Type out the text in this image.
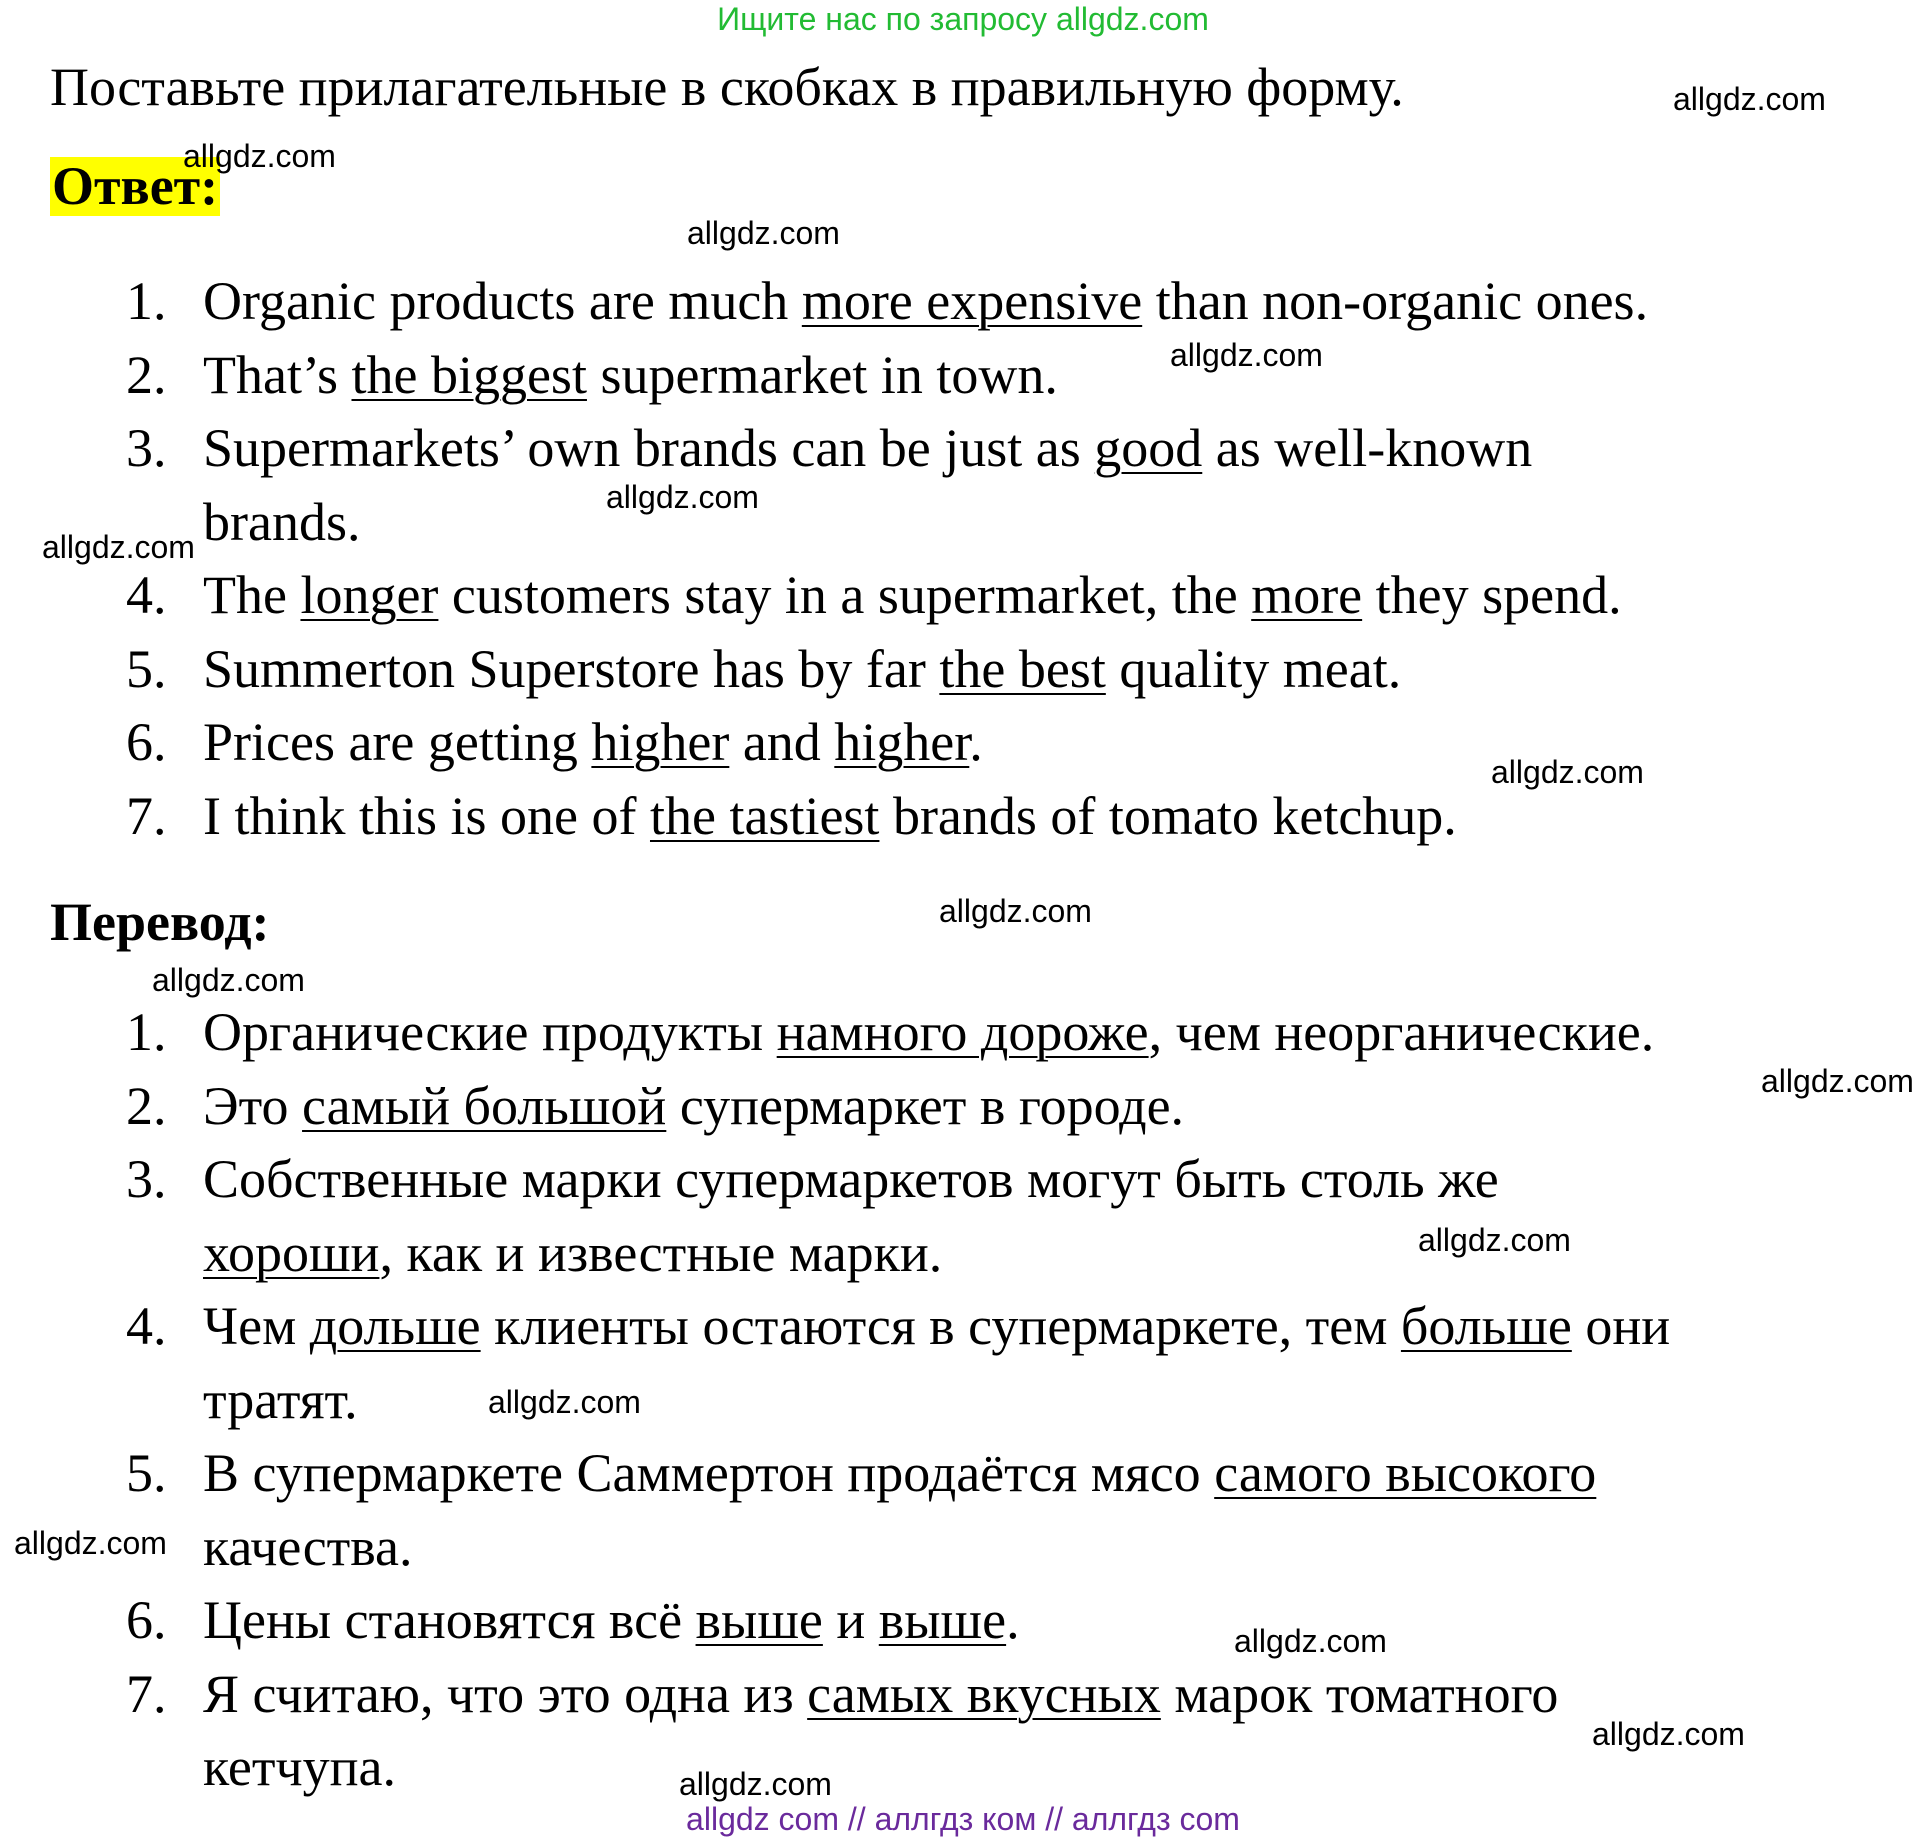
Ищите нас по запросу allgdz.com
Поставьте прилагательные в скобках в правильную форму.
Ответ:
1. Organic products are much more expensive than non-organic ones.
2. That’s the biggest supermarket in town.
3. Supermarkets’ own brands can be just as good as well-known
brands.
4. The longer customers stay in a supermarket, the more they spend.
5. Summerton Superstore has by far the best quality meat.
6. Prices are getting higher and higher.
7. I think this is one of the tastiest brands of tomato ketchup.
Перевод:
1. Органические продукты намного дороже, чем неорганические.
2. Это самый большой супермаркет в городе.
3. Собственные марки супермаркетов могут быть столь же
хороши, как и известные марки.
4. Чем дольше клиенты остаются в супермаркете, тем больше они
тратят.
5. В супермаркете Саммертон продаётся мясо самого высокого
качества.
6. Цены становятся всё выше и выше.
7. Я считаю, что это одна из самых вкусных марок томатного
кетчупа.
allgdz.com
allgdz.com
allgdz.com
allgdz.com
allgdz.com
allgdz.com
allgdz.com
allgdz.com
allgdz.com
allgdz.com
allgdz.com
allgdz.com
allgdz.com
allgdz.com
allgdz.com
allgdz.com
allgdz com // аллгдз ком // аллгдз com
